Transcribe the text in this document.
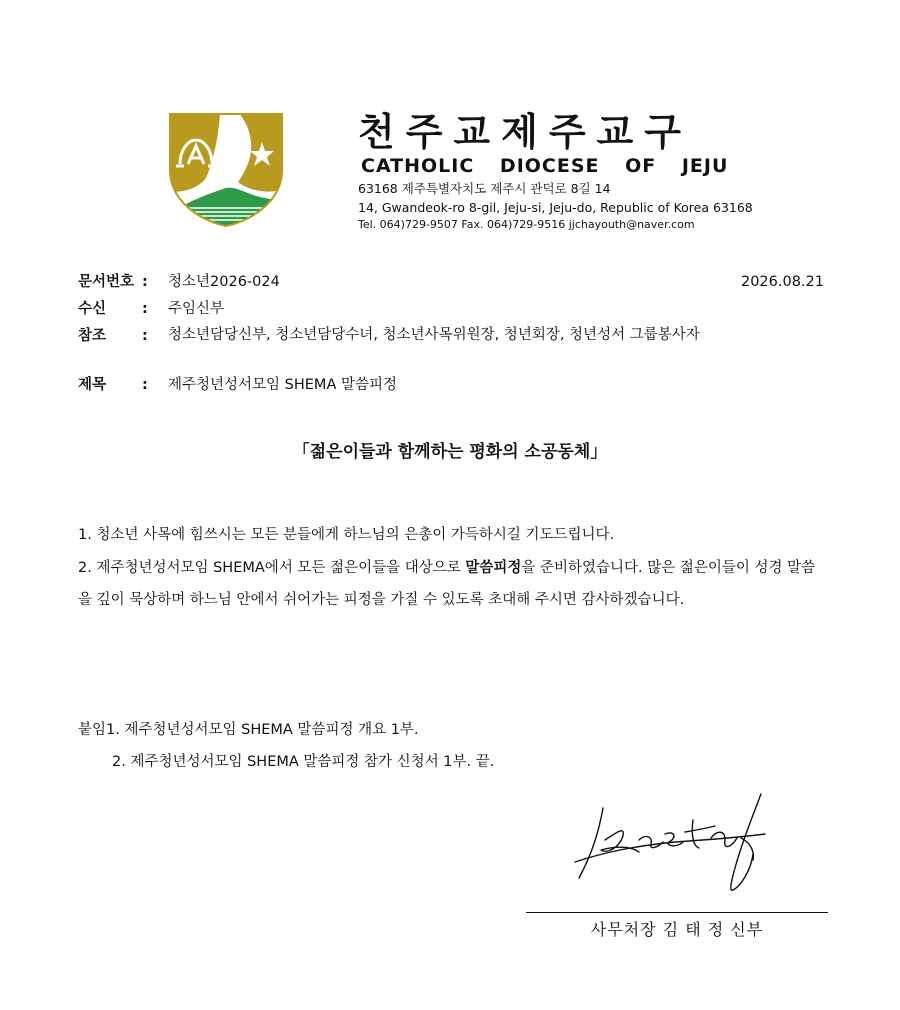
천주교제주교구
CATHOLIC DIOCESE OF JEJU
63168 제주특별자치도 제주시 관덕로 8길 14
14, Gwandeok-ro 8-gil, Jeju-si, Jeju-do, Republic of Korea 63168
Tel. 064)729-9507 Fax. 064)729-9516 jjchayouth@naver.com
문서번호 : 청소년2026-024	2026.08.21
수신 : 주임신부
참조 :	청소년담당신부, 청소년담당수녀, 청소년사목위원장, 청년회장, 청년성서 그룹봉사자
제목 : 제주청년성서모임 SHEMA 말씀피정
「젊은이들과 함께하는 평화의 소공동체」
1. 청소년 사목에 힘쓰시는 모든 분들에게 하느님의 은총이 가득하시길 기도드립니다.
2. 제주청년성서모임 SHEMA에서 모든 젊은이들을 대상으로 말씀피정을 준비하였습니다. 많은 젊은이들이 성경 말씀을 깊이 묵상하며 하느님 안에서 쉬어가는 피정을 가질 수 있도록 초대해 주시면 감사하겠습니다.
붙임1. 제주청년성서모임 SHEMA 말씀피정 개요 1부.
2. 제주청년성서모임 SHEMA 말씀피정 참가 신청서 1부. 끝.
사무처장 김 태 정 신부
